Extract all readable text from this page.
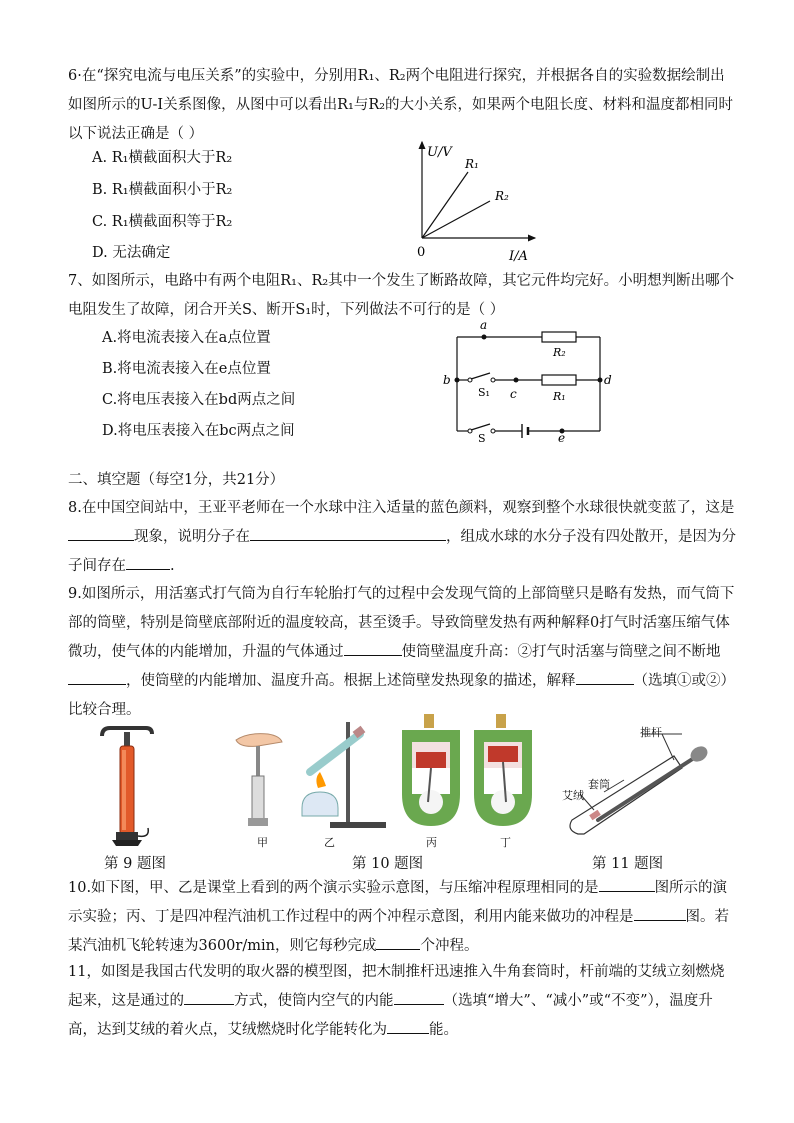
6·在“探究电流与电压关系”的实验中，分别用R₁、R₂两个电阻进行探究，并根据各自的实验数据绘制出如图所示的U-I关系图像，从图中可以看出R₁与R₂的大小关系，如果两个电阻长度、材料和温度都相同时以下说法正确是（ ）
A. R₁横截面积大于R₂
B. R₁横截面积小于R₂
C. R₁横截面积等于R₂
D. 无法确定
U/V
I/A
0
R₁
R₂
7、如图所示，电路中有两个电阻R₁、R₂其中一个发生了断路故障，其它元件均完好。小明想判断出哪个电阻发生了故障，闭合开关S、断开S₁时，下列做法不可行的是（ ）
A.将电流表接入在a点位置
B.将电流表接入在e点位置
C.将电压表接入在bd两点之间
D.将电压表接入在bc两点之间
a
R₂
b
S₁ c	R₁
d
S	e
二、填空题（每空1分，共21分）
8.在中国空间站中，王亚平老师在一个水球中注入适量的蓝色颜料，观察到整个水球很快就变蓝了，这是现象，说明分子在	，组成水球的水分子没有四处散开，是因为分子间存在	.
9.如图所示，用活塞式打气筒为自行车轮胎打气的过程中会发现气筒的上部筒壁只是略有发热，而气筒下部的筒壁，特别是筒壁底部附近的温度较高，甚至烫手。导致筒壁发热有两种解释0打气时活塞压缩气体微功，使气体的内能增加，升温的气体通过	使筒壁温度升高：②打气时活塞与筒壁之间不断地，使筒壁的内能增加、温度升高。根据上述筒壁发热现象的描述，解释	（选填①或②）比较合理。
甲	乙	丙	丁
推杆
套筒
艾绒
第 9 题图	第 10 题图	第 11 题图
10.如下图，甲、乙是课堂上看到的两个演示实验示意图，与压缩冲程原理相同的是	图所示的演示实验；丙、丁是四冲程汽油机工作过程中的两个冲程示意图，利用内能来做功的冲程是	图。若某汽油机飞轮转速为3600r/min，则它每秒完成	个冲程。
11，如图是我国古代发明的取火器的模型图，把木制推杆迅速推入牛角套筒时，杆前端的艾绒立刻燃烧起来，这是通过的	方式，使筒内空气的内能	（选填“增大”、“减小”或“不变”），温度升高，达到艾绒的着火点，艾绒燃烧时化学能转化为	能。
